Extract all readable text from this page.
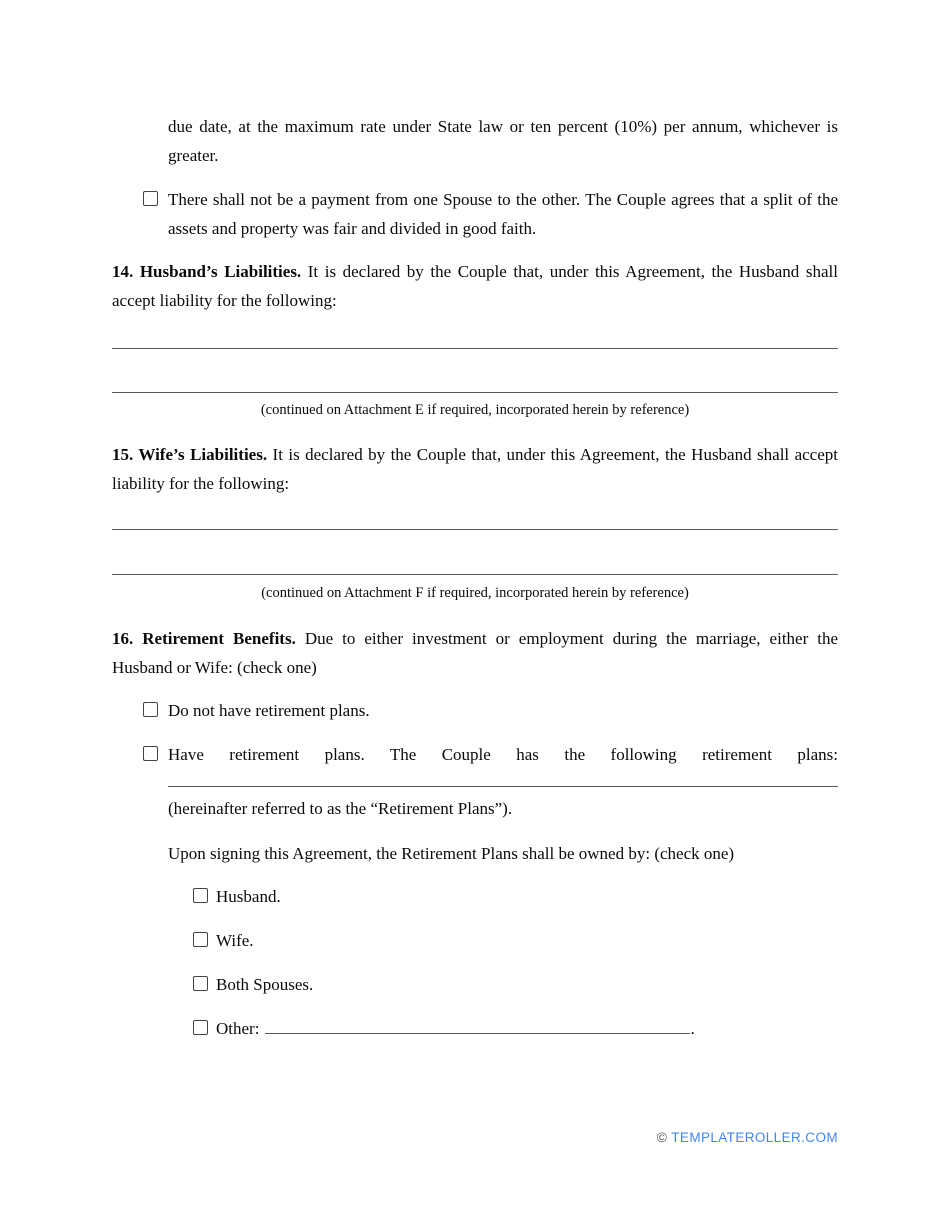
due date, at the maximum rate under State law or ten percent (10%) per annum, whichever is greater.

There shall not be a payment from one Spouse to the other. The Couple agrees that a split of the assets and property was fair and divided in good faith.

14. Husband’s Liabilities. It is declared by the Couple that, under this Agreement, the Husband shall accept liability for the following:

(continued on Attachment E if required, incorporated herein by reference)

15. Wife’s Liabilities. It is declared by the Couple that, under this Agreement, the Husband shall accept liability for the following:

(continued on Attachment F if required, incorporated herein by reference)

16. Retirement Benefits. Due to either investment or employment during the marriage, either the Husband or Wife: (check one)

Do not have retirement plans.
Have retirement plans. The Couple has the following retirement plans:
(hereinafter referred to as the “Retirement Plans”).

Upon signing this Agreement, the Retirement Plans shall be owned by: (check one)

Husband.
Wife.
Both Spouses.
Other:	.
© TEMPLATEROLLER.COM
